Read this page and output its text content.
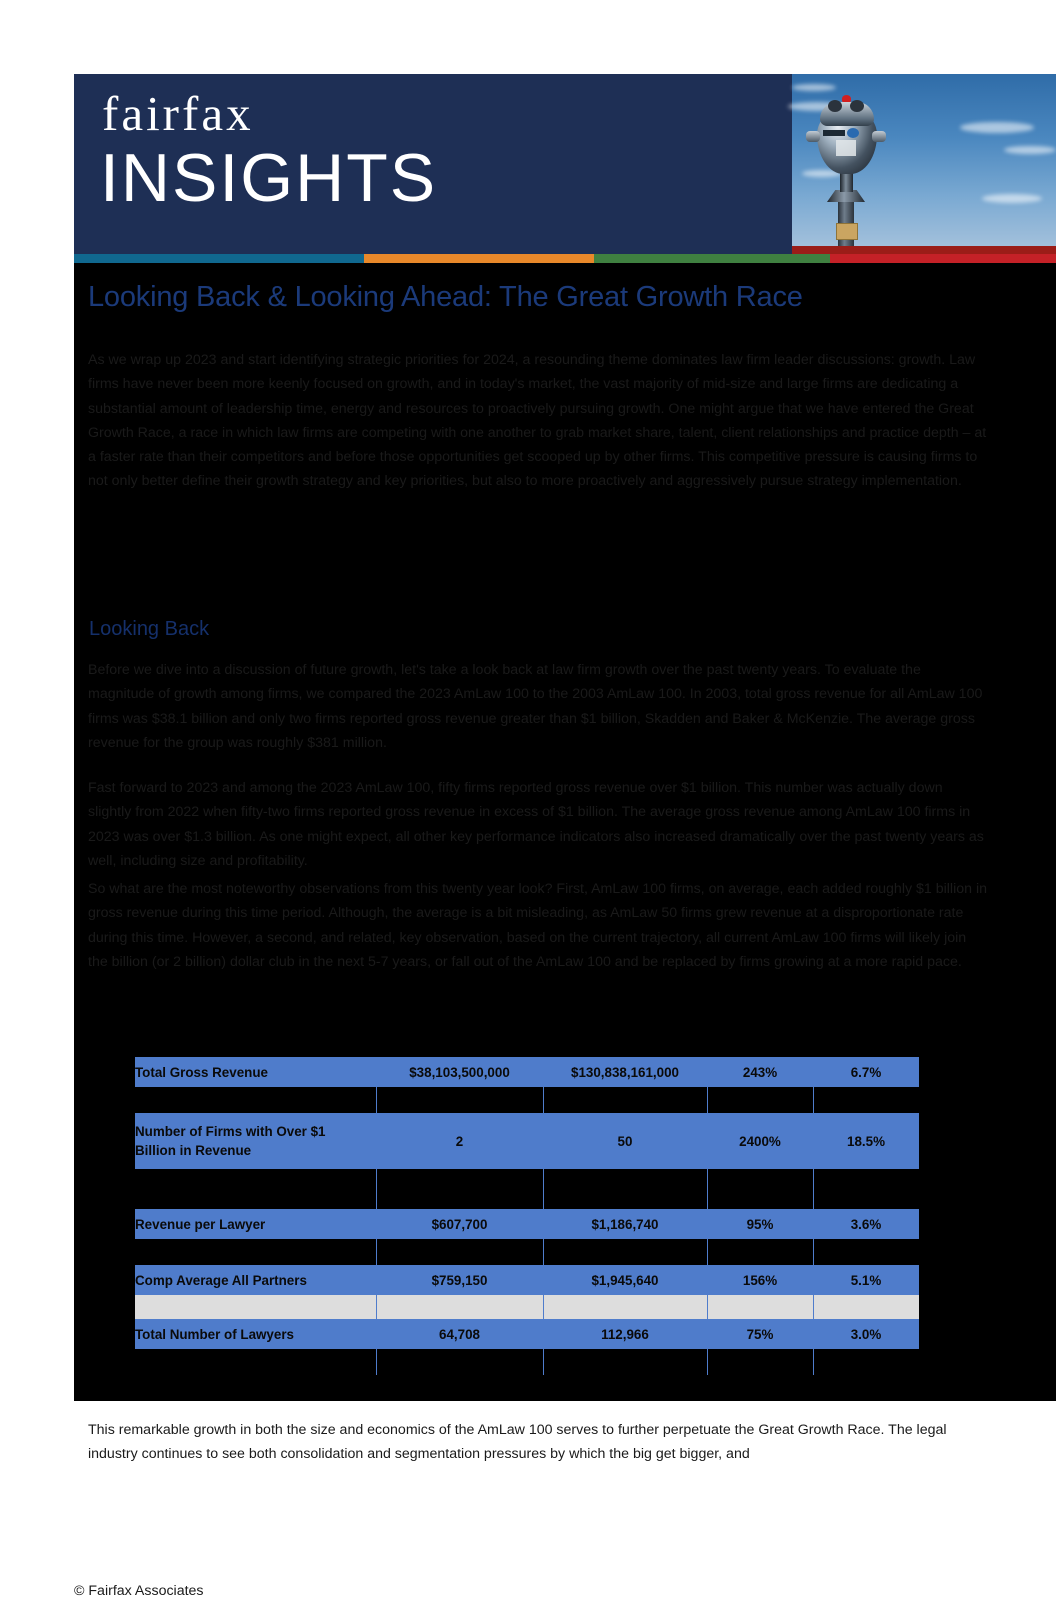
fairfax
INSIGHTS
Looking Back & Looking Ahead: The Great Growth Race

As we wrap up 2023 and start identifying strategic priorities for 2024, a resounding theme dominates law firm leader discussions: growth. Law firms have never been more keenly focused on growth, and in today's market, the vast majority of mid-size and large firms are dedicating a substantial amount of leadership time, energy and resources to proactively pursuing growth. One might argue that we have entered the Great Growth Race, a race in which law firms are competing with one another to grab market share, talent, client relationships and practice depth – at a faster rate than their competitors and before those opportunities get scooped up by other firms. This competitive pressure is causing firms to not only better define their growth strategy and key priorities, but also to more proactively and aggressively pursue strategy implementation.

Looking Back

Before we dive into a discussion of future growth, let's take a look back at law firm growth over the past twenty years. To evaluate the magnitude of growth among firms, we compared the 2023 AmLaw 100 to the 2003 AmLaw 100. In 2003, total gross revenue for all AmLaw 100 firms was $38.1 billion and only two firms reported gross revenue greater than $1 billion, Skadden and Baker & McKenzie. The average gross revenue for the group was roughly $381 million.

Fast forward to 2023 and among the 2023 AmLaw 100, fifty firms reported gross revenue over $1 billion. This number was actually down slightly from 2022 when fifty-two firms reported gross revenue in excess of $1 billion. The average gross revenue among AmLaw 100 firms in 2023 was over $1.3 billion. As one might expect, all other key performance indicators also increased dramatically over the past twenty years as well, including size and profitability.

So what are the most noteworthy observations from this twenty year look? First, AmLaw 100 firms, on average, each added roughly $1 billion in gross revenue during this time period. Although, the average is a bit misleading, as AmLaw 50 firms grew revenue at a disproportionate rate during this time. However, a second, and related, key observation, based on the current trajectory, all current AmLaw 100 firms will likely join the billion (or 2 billion) dollar club in the next 5-7 years, or fall out of the AmLaw 100 and be replaced by firms growing at a more rapid pace.

Total Gross Revenue	$38,103,500,000	$130,838,161,000	243%	6.7%

Number of Firms with Over $1
Billion in Revenue	2	50	2400%	18.5%

Revenue per Lawyer	$607,700	$1,186,740	95%	3.6%

Comp Average All Partners	$759,150	$1,945,640	156%	5.1%

Total Number of Lawyers	64,708	112,966	75%	3.0%

This remarkable growth in both the size and economics of the AmLaw 100 serves to further perpetuate the Great Growth Race. The legal industry continues to see both consolidation and segmentation pressures by which the big get bigger, and

© Fairfax Associates
